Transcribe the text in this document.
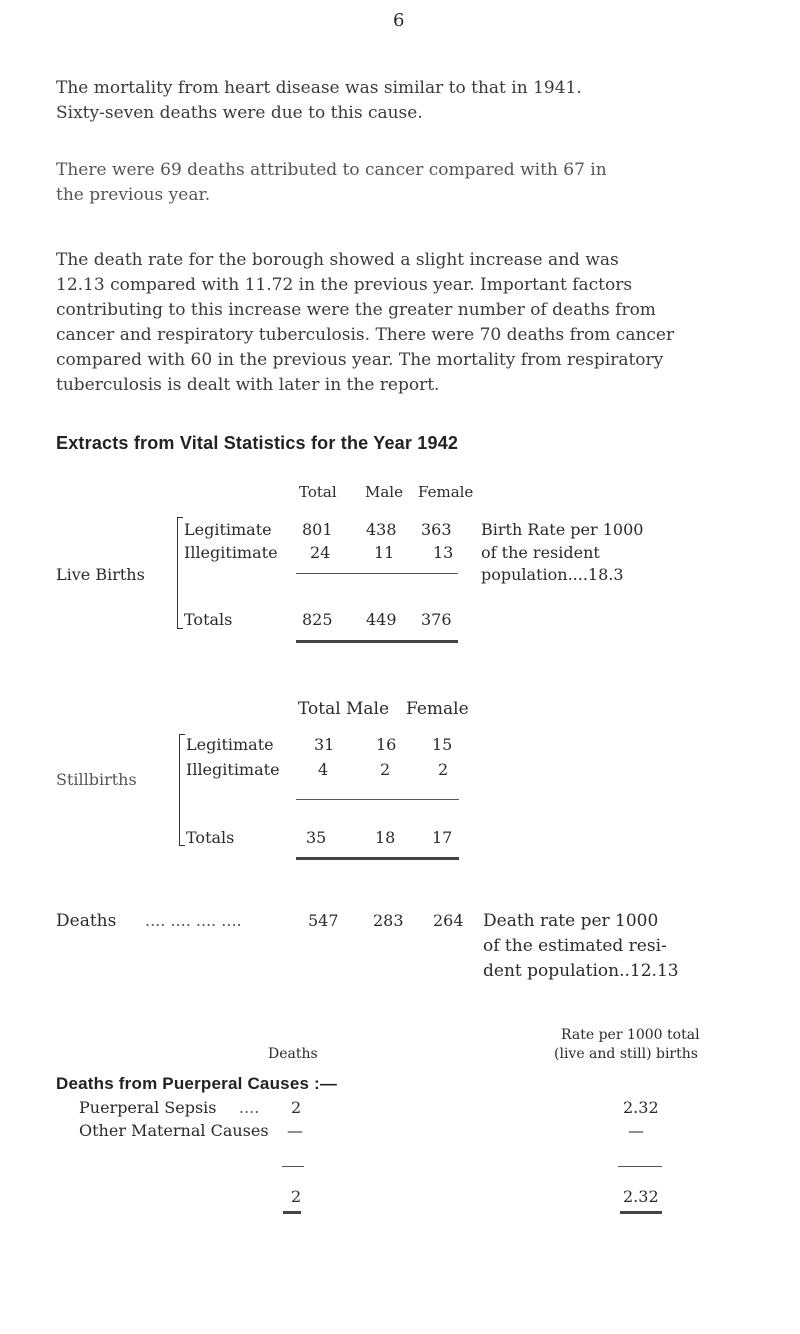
6
The mortality from heart disease was similar to that in 1941.
Sixty-seven deaths were due to this cause.
There were 69 deaths attributed to cancer compared with 67 in
the previous year.
The death rate for the borough showed a slight increase and was
12.13 compared with 11.72 in the previous year. Important factors
contributing to this increase were the greater number of deaths from
cancer and respiratory tuberculosis. There were 70 deaths from cancer
compared with 60 in the previous year. The mortality from respiratory
tuberculosis is dealt with later in the report.
Extracts from Vital Statistics for the Year 1942
Total Male Female
Live Births
Legitimate 801 438 363
Illegitimate 24	11 13
Totals	825 449 376
Birth Rate per 1000
of the resident
population....18.3
Total Male Female
Stillbirths
Legitimate	31	16 15
Illegitimate 4	2	2
Totals	35	18 17
Deaths .... .... .... ....	547 283 264 Death rate per 1000
of the estimated resi-
dent population..12.13
Deaths
Rate per 1000 total
(live and still) births
Deaths from Puerperal Causes :—
Puerperal Sepsis .... 2	2.32
Other Maternal Causes —	—
2	2.32
